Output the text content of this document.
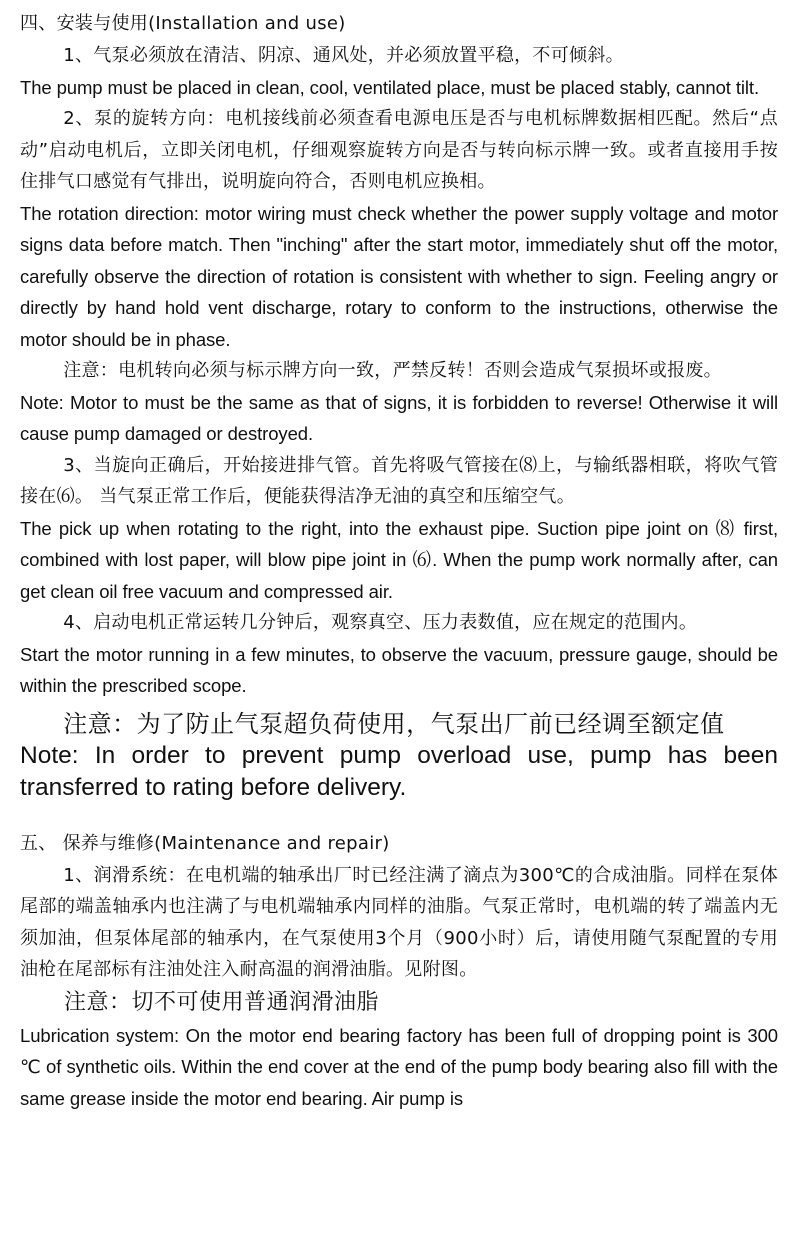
四、安装与使用(Installation and use)

1、气泵必须放在清洁、阴凉、通风处，并必须放置平稳，不可倾斜。

The pump must be placed in clean, cool, ventilated place, must be placed stably, cannot tilt.

2、泵的旋转方向：电机接线前必须查看电源电压是否与电机标牌数据相匹配。然后“点动”启动电机后，立即关闭电机，仔细观察旋转方向是否与转向标示牌一致。或者直接用手按住排气口感觉有气排出，说明旋向符合，否则电机应换相。

The rotation direction: motor wiring must check whether the power supply voltage and motor signs data before match. Then "inching" after the start motor, immediately shut off the motor, carefully observe the direction of rotation is consistent with whether to sign. Feeling angry or directly by hand hold vent discharge, rotary to conform to the instructions, otherwise the motor should be in phase.

注意：电机转向必须与标示牌方向一致，严禁反转！否则会造成气泵损坏或报废。

Note: Motor to must be the same as that of signs, it is forbidden to reverse! Otherwise it will cause pump damaged or destroyed.

3、当旋向正确后，开始接进排气管。首先将吸气管接在⑻上，与输纸器相联，将吹气管接在⑹。 当气泵正常工作后，便能获得洁净无油的真空和压缩空气。

The pick up when rotating to the right, into the exhaust pipe. Suction pipe joint on ⑻ first, combined with lost paper, will blow pipe joint in ⑹. When the pump work normally after, can get clean oil free vacuum and compressed air.

4、启动电机正常运转几分钟后，观察真空、压力表数值，应在规定的范围内。

Start the motor running in a few minutes, to observe the vacuum, pressure gauge, should be within the prescribed scope.

注意：为了防止气泵超负荷使用，气泵出厂前已经调至额定值

Note: In order to prevent pump overload use, pump has been transferred to rating before delivery.

五、 保养与维修(Maintenance and repair)

1、润滑系统：在电机端的轴承出厂时已经注满了滴点为300℃的合成油脂。同样在泵体尾部的端盖轴承内也注满了与电机端轴承内同样的油脂。气泵正常时，电机端的转了端盖内无须加油，但泵体尾部的轴承内，在气泵使用3个月（900小时）后，请使用随气泵配置的专用油枪在尾部标有注油处注入耐高温的润滑油脂。见附图。

注意：切不可使用普通润滑油脂

Lubrication system: On the motor end bearing factory has been full of dropping point is 300 ℃ of synthetic oils. Within the end cover at the end of the pump body bearing also fill with the same grease inside the motor end bearing. Air pump is
